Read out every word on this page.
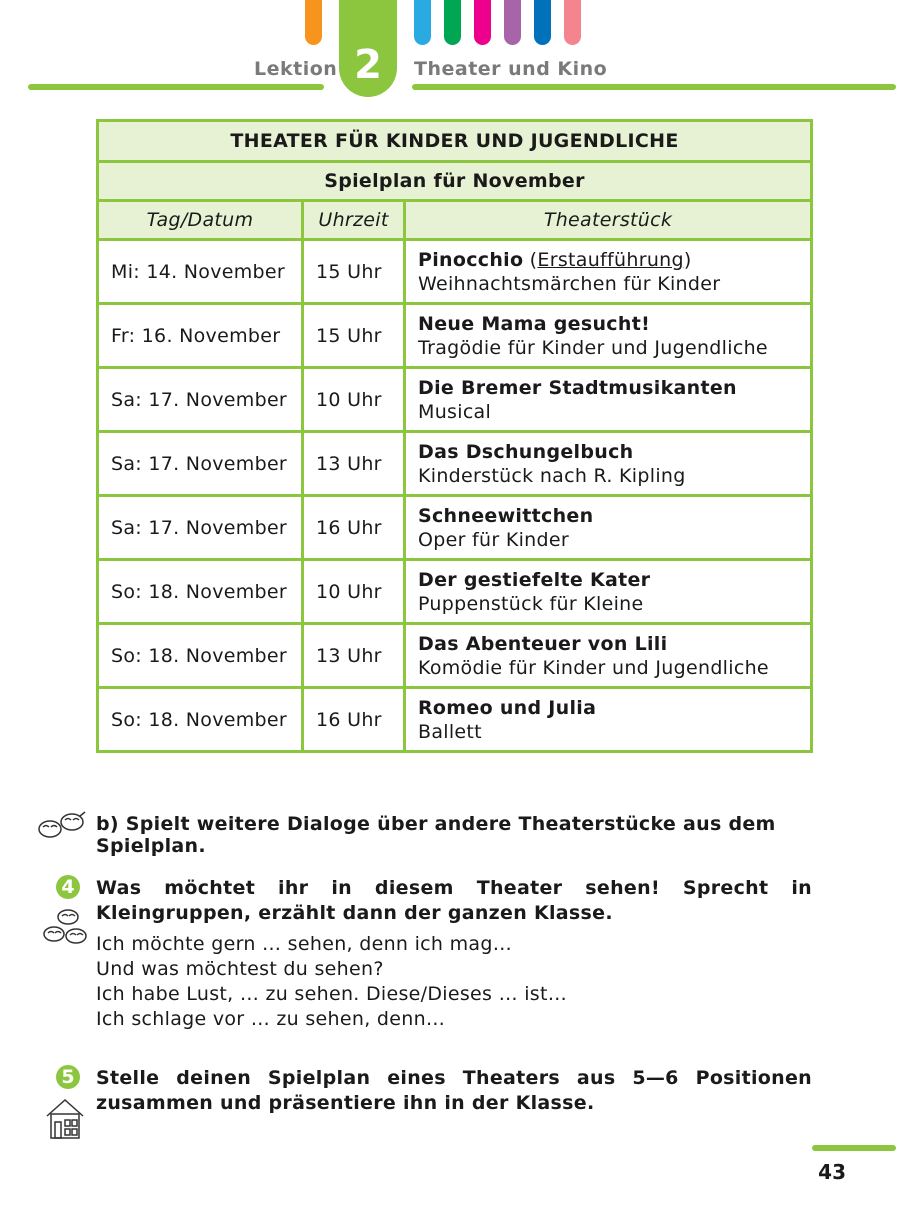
Lektion 2	Theater und Kino
THEATER FÜR KINDER UND JUGENDLICHE		
Spielplan für November		
Tag/Datum	Uhrzeit	Theaterstück
Mi: 14. November	15 Uhr	Pinocchio (Erstaufführung)
Weihnachtsmärchen für Kinder

Fr: 16. November	15 Uhr	Neue Mama gesucht!
Tragödie für Kinder und Jugendliche

Sa: 17. November	10 Uhr	Die Bremer Stadtmusikanten
Musical

Sa: 17. November	13 Uhr	Das Dschungelbuch
Kinderstück nach R. Kipling

Sa: 17. November	16 Uhr	Schneewittchen
Oper für Kinder

So: 18. November	10 Uhr	Der gestiefelte Kater
Puppenstück für Kleine

So: 18. November	13 Uhr	Das Abenteuer von Lili
Komödie für Kinder und Jugendliche

So: 18. November	16 Uhr	Romeo und Julia
Ballett
b) Spielt weitere Dialoge über andere Theaterstücke aus dem Spielplan.
4 Was möchtet ihr in diesem Theater sehen! Sprecht in Kleingruppen, erzählt dann der ganzen Klasse.
Ich möchte gern … sehen, denn ich mag…
Und was möchtest du sehen?
Ich habe Lust, … zu sehen. Diese/Dieses … ist…
Ich schlage vor … zu sehen, denn…
5 Stelle deinen Spielplan eines Theaters aus 5—6 Positionen zusammen und präsentiere ihn in der Klasse.
43
